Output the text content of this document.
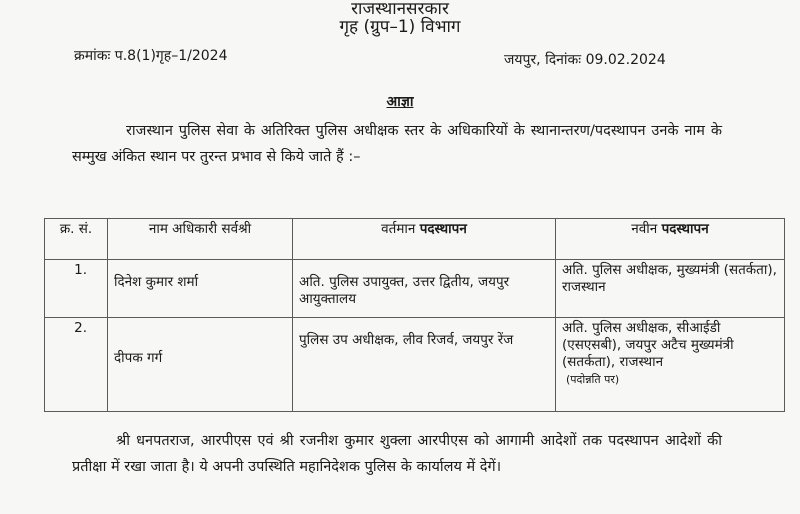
राजस्थानसरकार
गृह (ग्रुप–1) विभाग
क्रमांकः प.8(1)गृह–1/2024	जयपुर, दिनांकः 09.02.2024
आज्ञा
राजस्थान पुलिस सेवा के अतिरिक्त पुलिस अधीक्षक स्तर के अधिकारियों के स्थानान्तरण/पदस्थापन उनके नाम के सम्मुख अंकित स्थान पर तुरन्त प्रभाव से किये जाते हैं :–
क्र. सं.	नाम अधिकारी सर्वश्री	वर्तमान पदस्थापन	नवीन पदस्थापन
1.	दिनेश कुमार शर्मा	अति. पुलिस उपायुक्त, उत्तर द्वितीय, जयपुर आयुक्तालय	अति. पुलिस अधीक्षक, मुख्यमंत्री (सतर्कता), राजस्थान
2.	दीपक गर्ग	पुलिस उप अधीक्षक, लीव रिजर्व, जयपुर रेंज	अति. पुलिस अधीक्षक, सीआईडी (एसएसबी), जयपुर अटैच मुख्यमंत्री (सतर्कता), राजस्थान
(पदोन्नति पर)
श्री धनपतराज, आरपीएस एवं श्री रजनीश कुमार शुक्ला आरपीएस को आगामी आदेशों तक पदस्थापन आदेशों की प्रतीक्षा में रखा जाता है। ये अपनी उपस्थिति महानिदेशक पुलिस के कार्यालय में देगें।
